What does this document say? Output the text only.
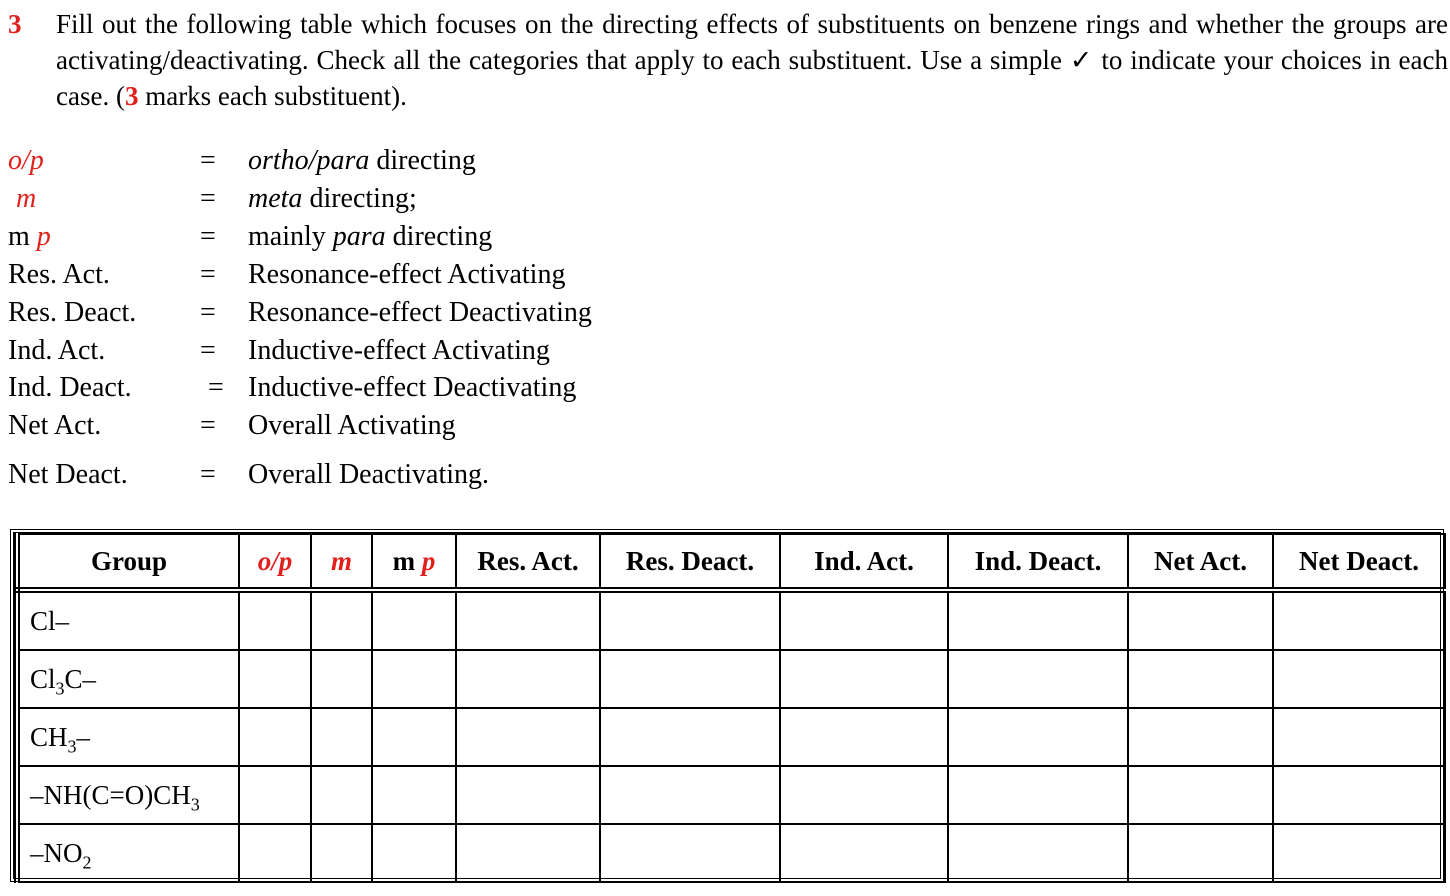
3 Fill out the following table which focuses on the directing effects of substituents on benzene rings and whether the groups are activating/deactivating. Check all the categories that apply to each substituent. Use a simple ✓ to indicate your choices in each case. (3 marks each substituent).
o/p	= ortho/para directing
m	= meta directing;
m p	= mainly para directing
Res. Act.	= Resonance-effect Activating
Res. Deact.	= Resonance-effect Deactivating
Ind. Act.	= Inductive-effect Activating
Ind. Deact.	= Inductive-effect Deactivating
Net Act.	= Overall Activating
Net Deact.	= Overall Deactivating.
Group	o/p	m	m p	Res. Act.	Res. Deact.	Ind. Act.	Ind. Deact.	Net Act.	Net Deact.
Cl–									
$Cl_3C-$									
$CH_3-$									
$-NH(C=O)CH_3$									
$-NO_2$									
